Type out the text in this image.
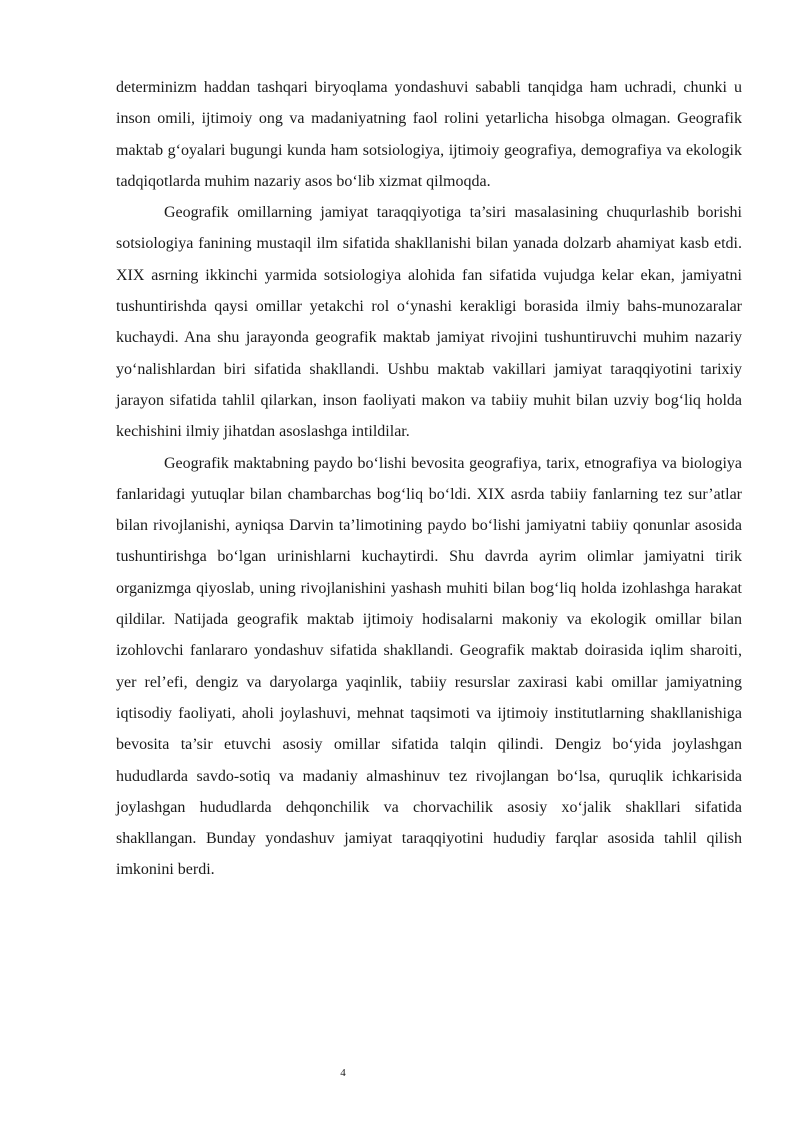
determinizm haddan tashqari biryoqlama yondashuvi sababli tanqidga ham uchradi, chunki u inson omili, ijtimoiy ong va madaniyatning faol rolini yetarlicha hisobga olmagan. Geografik maktab g‘oyalari bugungi kunda ham sotsiologiya, ijtimoiy geografiya, demografiya va ekologik tadqiqotlarda muhim nazariy asos bo‘lib xizmat qilmoqda.

Geografik omillarning jamiyat taraqqiyotiga ta’siri masalasining chuqurlashib borishi sotsiologiya fanining mustaqil ilm sifatida shakllanishi bilan yanada dolzarb ahamiyat kasb etdi. XIX asrning ikkinchi yarmida sotsiologiya alohida fan sifatida vujudga kelar ekan, jamiyatni tushuntirishda qaysi omillar yetakchi rol o‘ynashi kerakligi borasida ilmiy bahs-munozaralar kuchaydi. Ana shu jarayonda geografik maktab jamiyat rivojini tushuntiruvchi muhim nazariy yo‘nalishlardan biri sifatida shakllandi. Ushbu maktab vakillari jamiyat taraqqiyotini tarixiy jarayon sifatida tahlil qilarkan, inson faoliyati makon va tabiiy muhit bilan uzviy bog‘liq holda kechishini ilmiy jihatdan asoslashga intildilar.

Geografik maktabning paydo bo‘lishi bevosita geografiya, tarix, etnografiya va biologiya fanlaridagi yutuqlar bilan chambarchas bog‘liq bo‘ldi. XIX asrda tabiiy fanlarning tez sur’atlar bilan rivojlanishi, ayniqsa Darvin ta’limotining paydo bo‘lishi jamiyatni tabiiy qonunlar asosida tushuntirishga bo‘lgan urinishlarni kuchaytirdi. Shu davrda ayrim olimlar jamiyatni tirik organizmga qiyoslab, uning rivojlanishini yashash muhiti bilan bog‘liq holda izohlashga harakat qildilar. Natijada geografik maktab ijtimoiy hodisalarni makoniy va ekologik omillar bilan izohlovchi fanlararo yondashuv sifatida shakllandi. Geografik maktab doirasida iqlim sharoiti, yer rel’efi, dengiz va daryolarga yaqinlik, tabiiy resurslar zaxirasi kabi omillar jamiyatning iqtisodiy faoliyati, aholi joylashuvi, mehnat taqsimoti va ijtimoiy institutlarning shakllanishiga bevosita ta’sir etuvchi asosiy omillar sifatida talqin qilindi. Dengiz bo‘yida joylashgan hududlarda savdo-sotiq va madaniy almashinuv tez rivojlangan bo‘lsa, quruqlik ichkarisida joylashgan hududlarda dehqonchilik va chorvachilik asosiy xo‘jalik shakllari sifatida shakllangan. Bunday yondashuv jamiyat taraqqiyotini hududiy farqlar asosida tahlil qilish imkonini berdi.

4
